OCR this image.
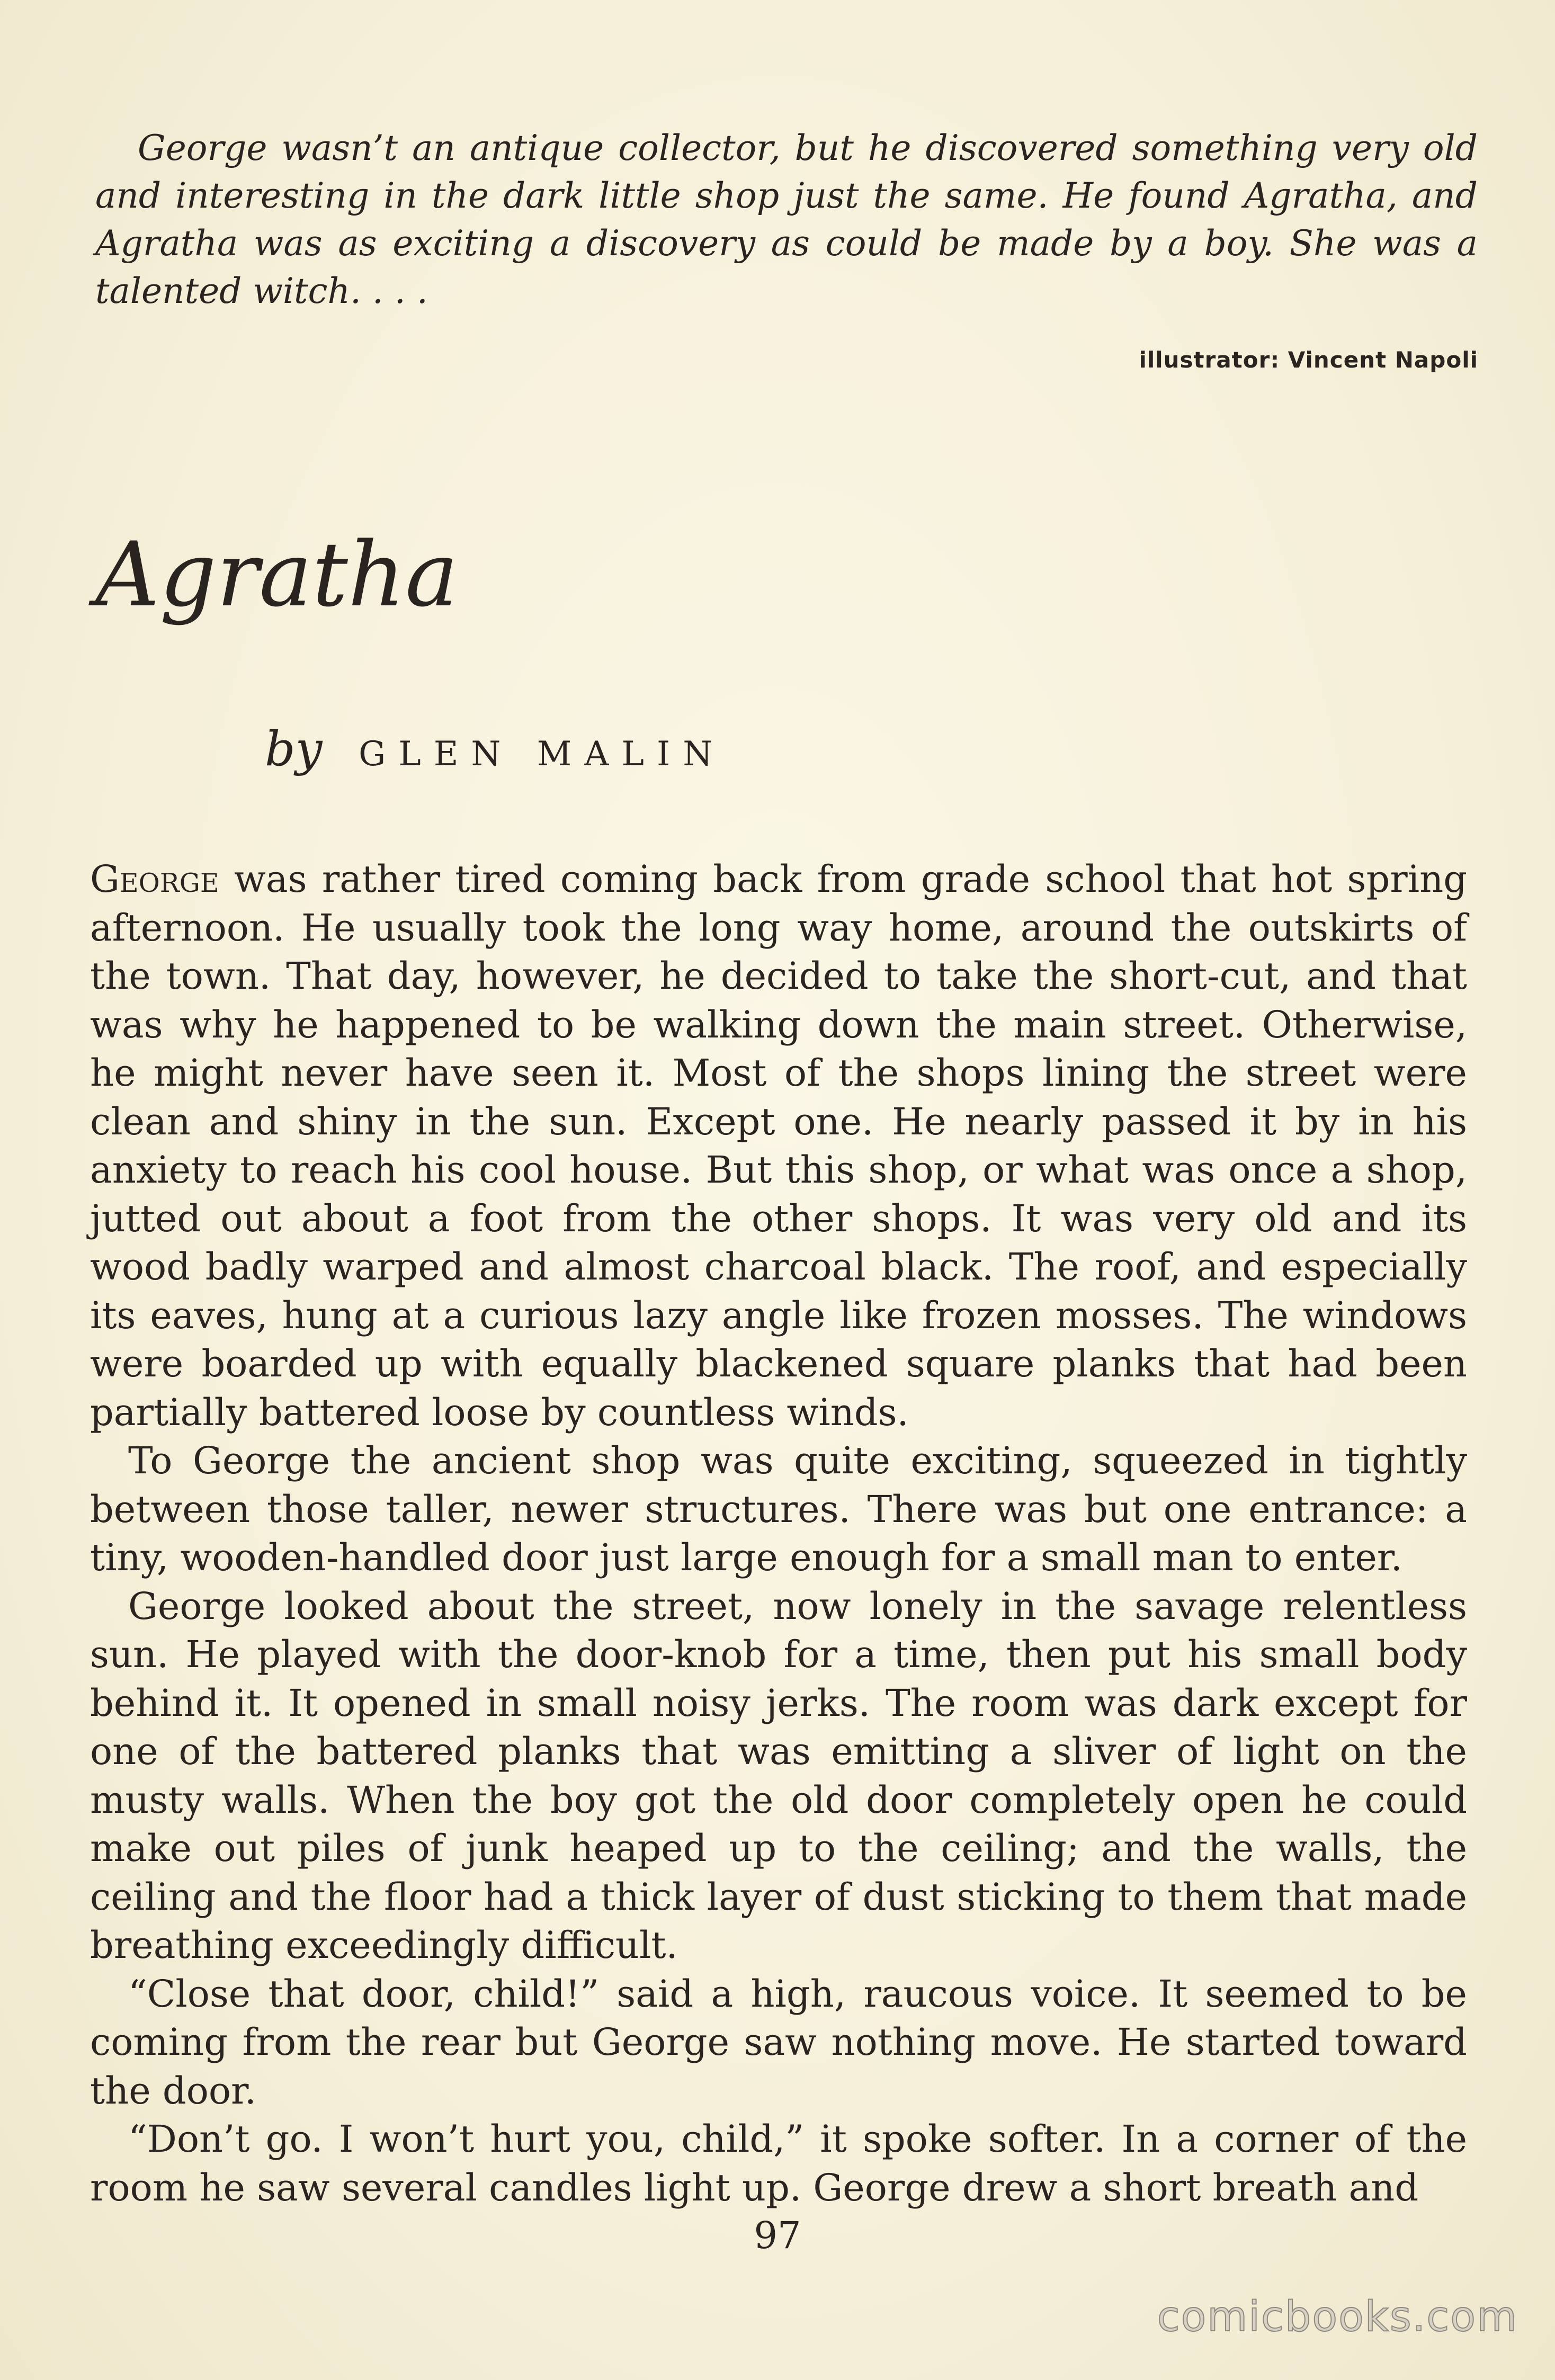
George wasn’t an antique collector, but he discovered something very old and interesting in the dark little shop just the same. He found Agratha, and Agratha was as exciting a discovery as could be made by a boy. She was a talented witch. . . .

illustrator: Vincent Napoli
Agratha
by GLEN MALIN

George was rather tired coming back from grade school that hot spring afternoon. He usually took the long way home, around the outskirts of the town. That day, however, he decided to take the short-cut, and that was why he happened to be walking down the main street. Otherwise, he might never have seen it. Most of the shops lining the street were clean and shiny in the sun. Except one. He nearly passed it by in his anxiety to reach his cool house. But this shop, or what was once a shop, jutted out about a foot from the other shops. It was very old and its wood badly warped and almost charcoal black. The roof, and especially its eaves, hung at a curious lazy angle like frozen mosses. The windows were boarded up with equally blackened square planks that had been partially battered loose by countless winds.

To George the ancient shop was quite exciting, squeezed in tightly between those taller, newer structures. There was but one entrance: a tiny, wooden-handled door just large enough for a small man to enter.

George looked about the street, now lonely in the savage relentless sun. He played with the door-knob for a time, then put his small body behind it. It opened in small noisy jerks. The room was dark except for one of the battered planks that was emitting a sliver of light on the musty walls. When the boy got the old door completely open he could make out piles of junk heaped up to the ceiling; and the walls, the ceiling and the floor had a thick layer of dust sticking to them that made breathing exceedingly difficult.

“Close that door, child!” said a high, raucous voice. It seemed to be coming from the rear but George saw nothing move. He started toward the door.

“Don’t go. I won’t hurt you, child,” it spoke softer. In a corner of the room he saw several candles light up. George drew a short breath and

97
comicbooks.com
